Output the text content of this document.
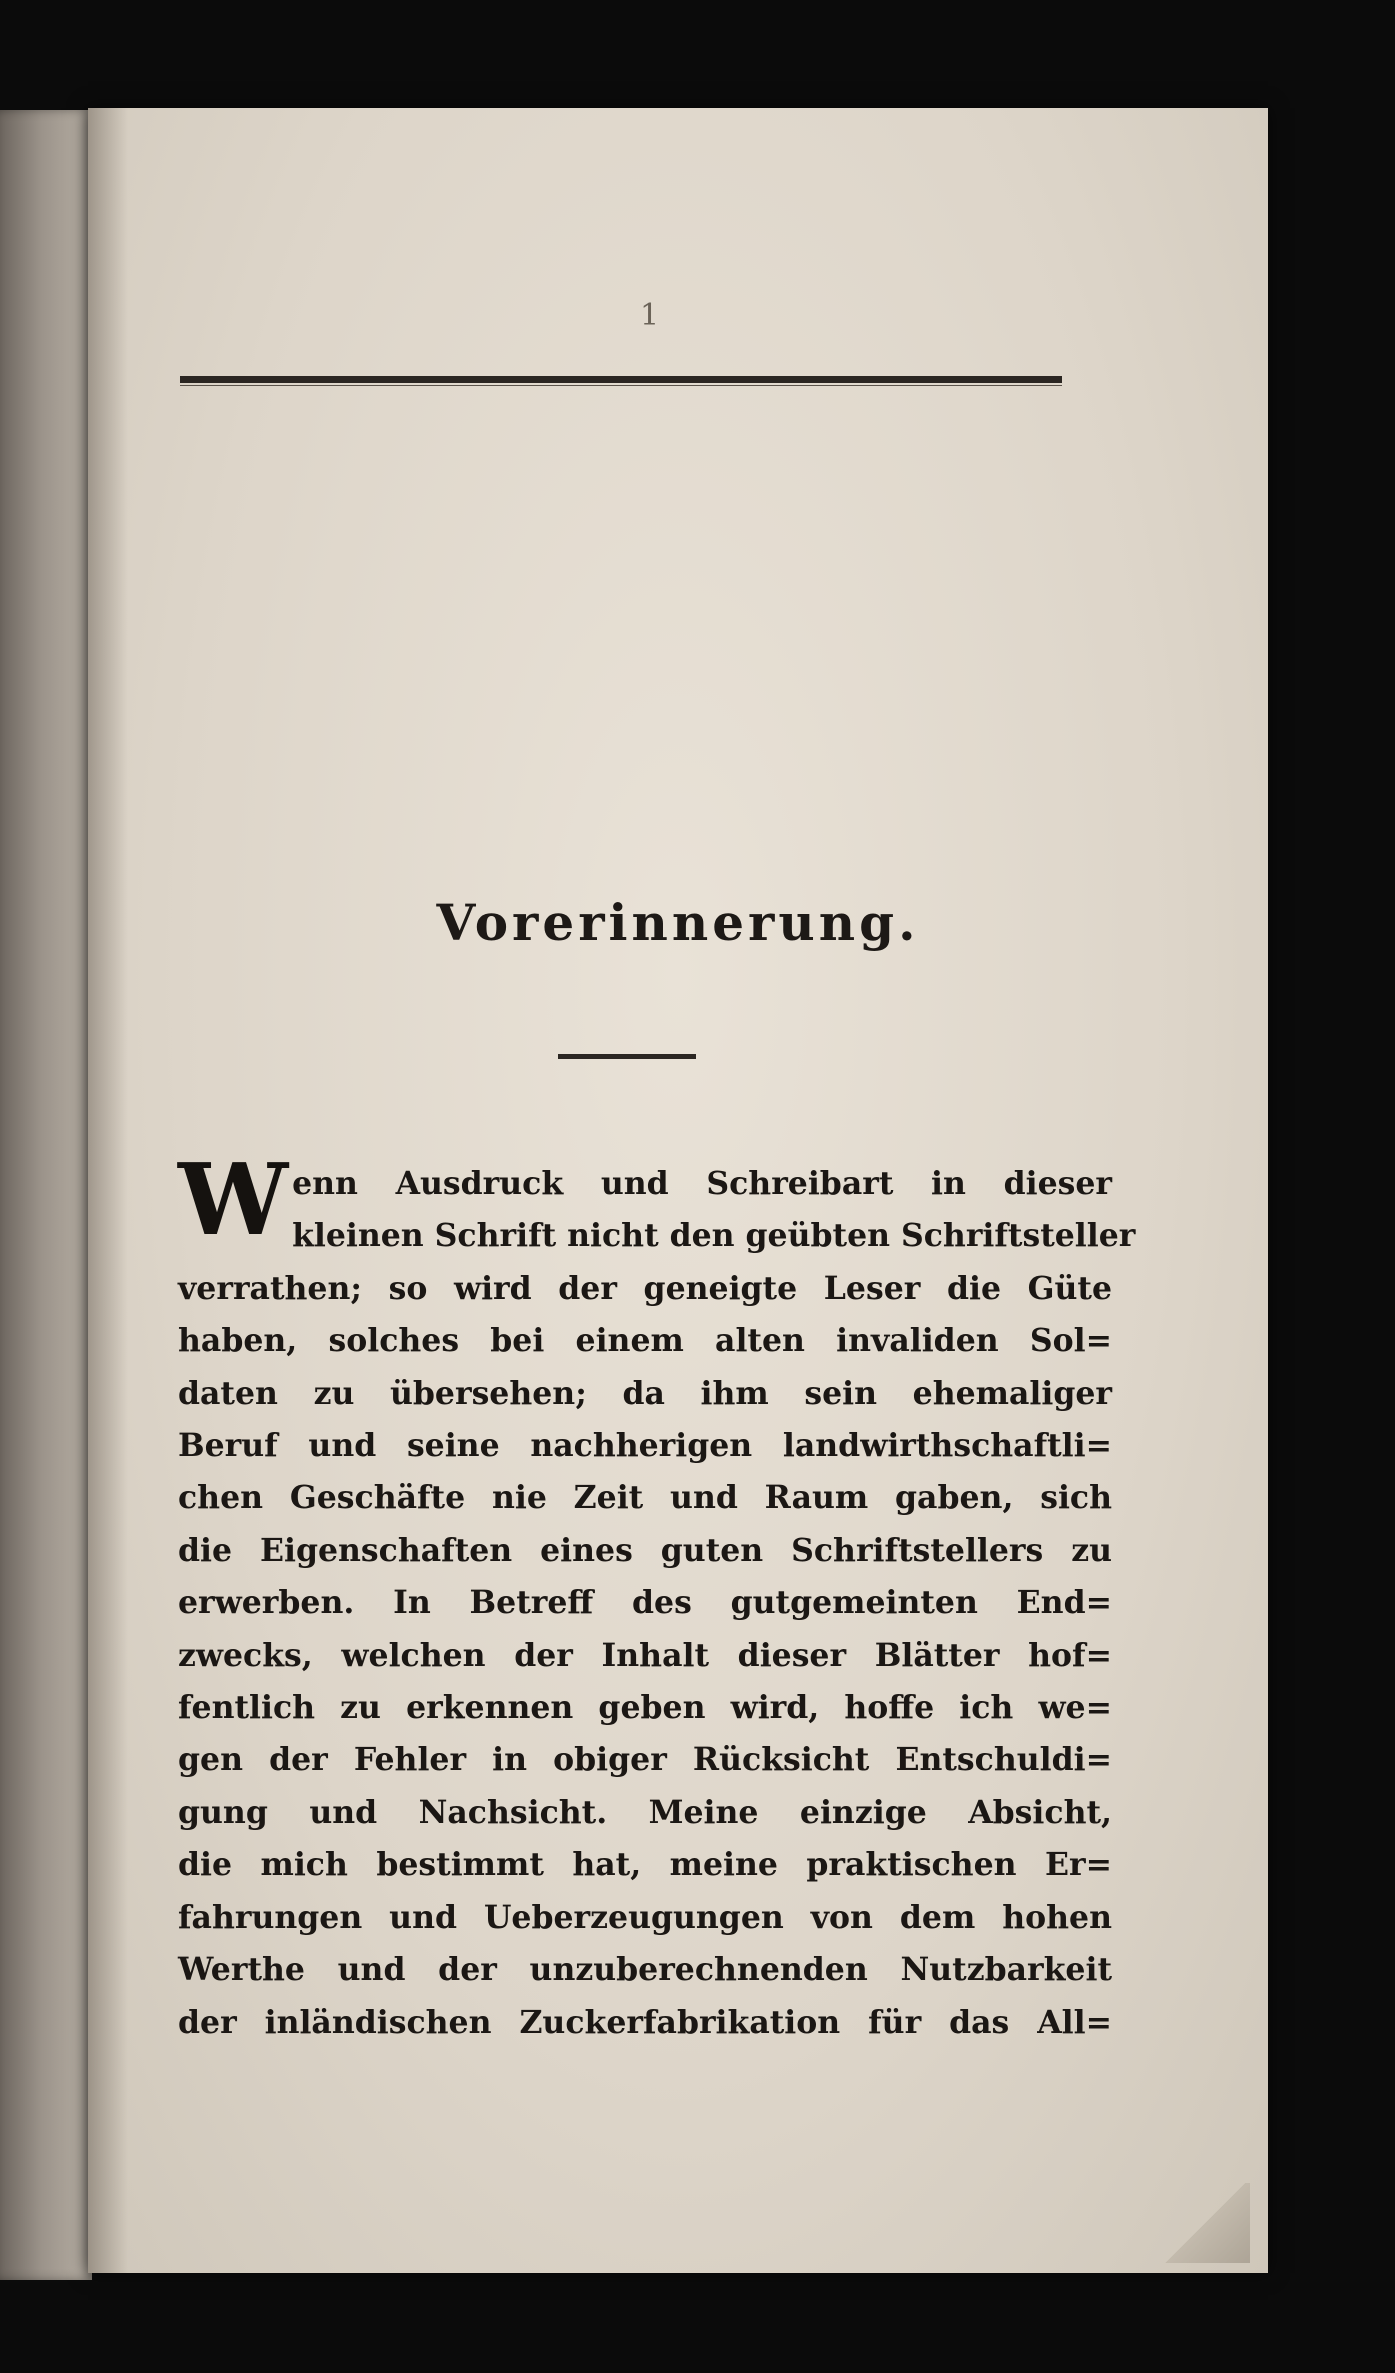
1

Vorerinnerung.
W enn Ausdruck und Schreibart in dieser
kleinen Schrift nicht den geübten Schriftsteller
verrathen; so wird der geneigte Leser die Güte
haben, solches bei einem alten invaliden Sol=
daten zu übersehen; da ihm sein ehemaliger
Beruf und seine nachherigen landwirthschaftli=
chen Geschäfte nie Zeit und Raum gaben, sich
die Eigenschaften eines guten Schriftstellers zu
erwerben. In Betreff des gutgemeinten End=
zwecks, welchen der Inhalt dieser Blätter hof=
fentlich zu erkennen geben wird, hoffe ich we=
gen der Fehler in obiger Rücksicht Entschuldi=
gung und Nachsicht. Meine einzige Absicht,
die mich bestimmt hat, meine praktischen Er=
fahrungen und Ueberzeugungen von dem hohen
Werthe und der unzuberechnenden Nutzbarkeit
der inländischen Zuckerfabrikation für das All=
